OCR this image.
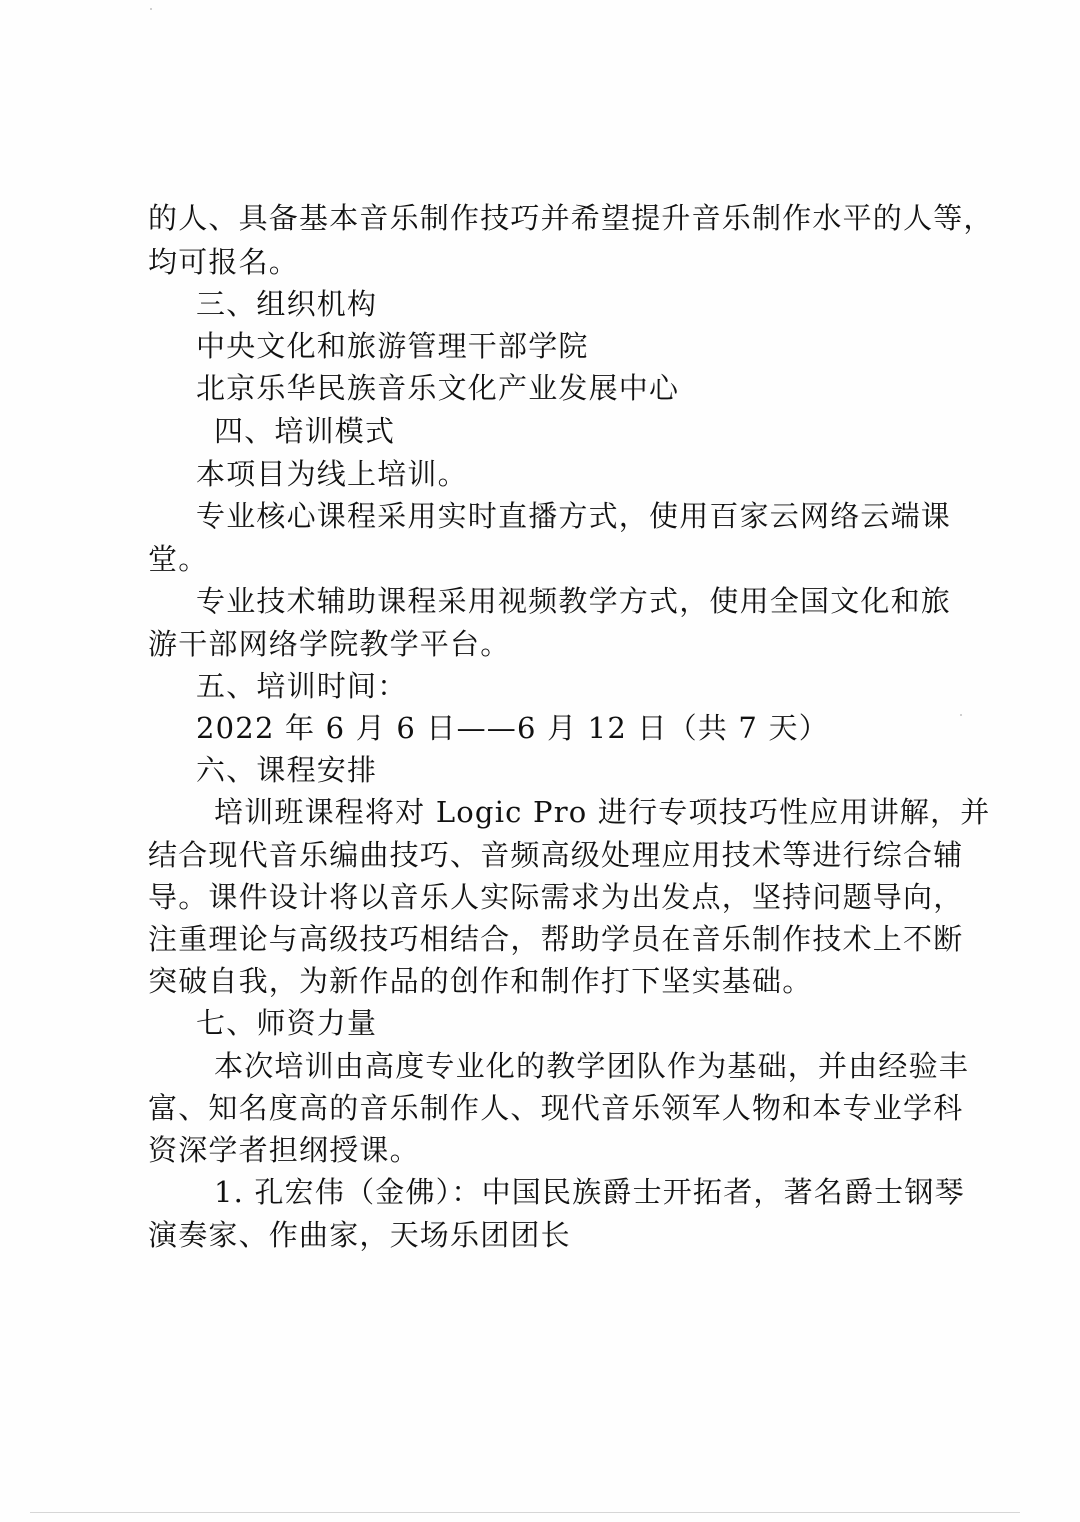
的人、具备基本音乐制作技巧并希望提升音乐制作水平的人等，
均可报名。
三、组织机构
中央文化和旅游管理干部学院
北京乐华民族音乐文化产业发展中心
四、培训模式
本项目为线上培训。
专业核心课程采用实时直播方式，使用百家云网络云端课
堂。
专业技术辅助课程采用视频教学方式，使用全国文化和旅
游干部网络学院教学平台。
五、培训时间：
2022 年 6 月 6 日——6 月 12 日（共 7 天）
六、课程安排
培训班课程将对 Logic Pro 进行专项技巧性应用讲解，并
结合现代音乐编曲技巧、音频高级处理应用技术等进行综合辅
导。课件设计将以音乐人实际需求为出发点，坚持问题导向，
注重理论与高级技巧相结合，帮助学员在音乐制作技术上不断
突破自我，为新作品的创作和制作打下坚实基础。
七、师资力量
本次培训由高度专业化的教学团队作为基础，并由经验丰
富、知名度高的音乐制作人、现代音乐领军人物和本专业学科
资深学者担纲授课。
1. 孔宏伟（金佛）：中国民族爵士开拓者，著名爵士钢琴
演奏家、作曲家，天场乐团团长
